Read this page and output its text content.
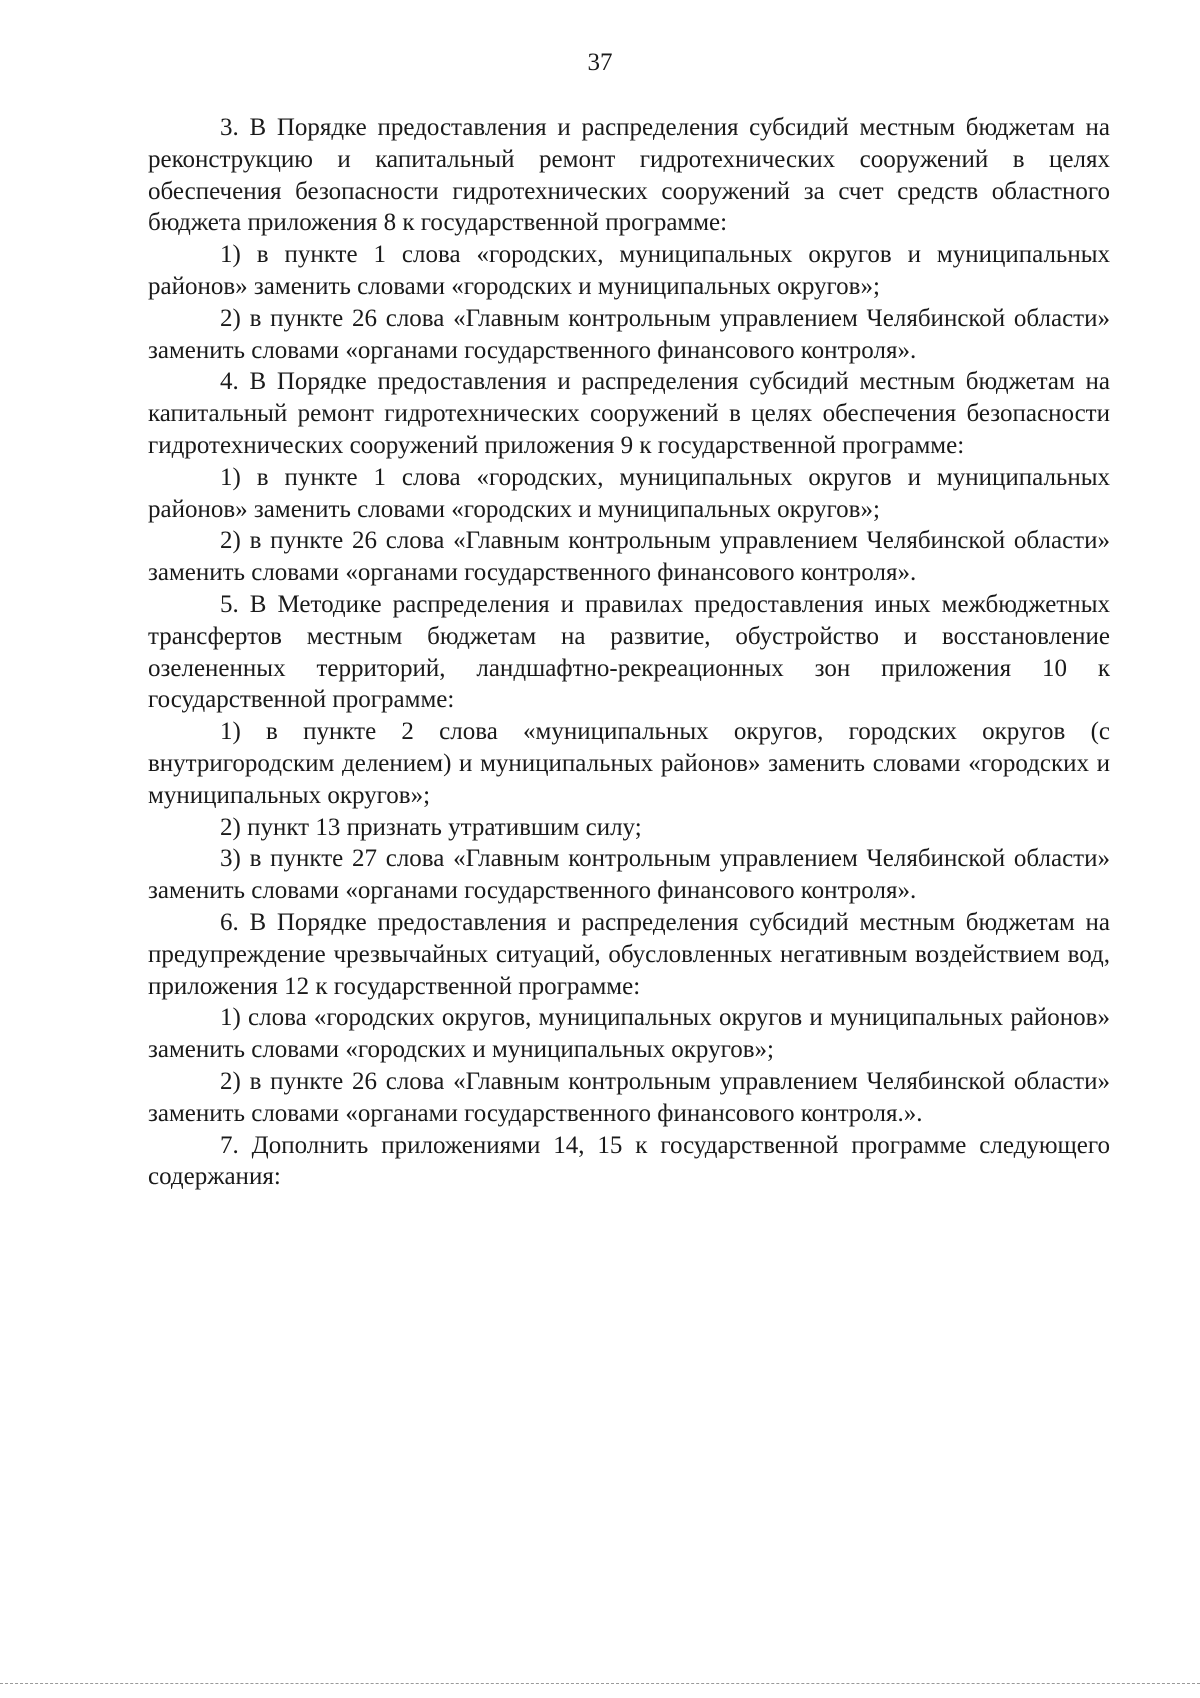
37

3. В Порядке предоставления и распределения субсидий местным бюджетам на реконструкцию и капитальный ремонт гидротехнических сооружений в целях обеспечения безопасности гидротехнических сооружений за счет средств областного бюджета приложения 8 к государственной программе:

1) в пункте 1 слова «городских, муниципальных округов и муниципальных районов» заменить словами «городских и муниципальных округов»;

2) в пункте 26 слова «Главным контрольным управлением Челябинской области» заменить словами «органами государственного финансового контроля».

4. В Порядке предоставления и распределения субсидий местным бюджетам на капитальный ремонт гидротехнических сооружений в целях обеспечения безопасности гидротехнических сооружений приложения 9 к государственной программе:

1) в пункте 1 слова «городских, муниципальных округов и муниципальных районов» заменить словами «городских и муниципальных округов»;

2) в пункте 26 слова «Главным контрольным управлением Челябинской области» заменить словами «органами государственного финансового контроля».

5. В Методике распределения и правилах предоставления иных межбюджетных трансфертов местным бюджетам на развитие, обустройство и восстановление озелененных территорий, ландшафтно-рекреационных зон приложения 10 к государственной программе:

1) в пункте 2 слова «муниципальных округов, городских округов (с внутригородским делением) и муниципальных районов» заменить словами «городских и муниципальных округов»;

2) пункт 13 признать утратившим силу;

3) в пункте 27 слова «Главным контрольным управлением Челябинской области» заменить словами «органами государственного финансового контроля».

6. В Порядке предоставления и распределения субсидий местным бюджетам на предупреждение чрезвычайных ситуаций, обусловленных негативным воздействием вод, приложения 12 к государственной программе:

1) слова «городских округов, муниципальных округов и муниципальных районов» заменить словами «городских и муниципальных округов»;

2) в пункте 26 слова «Главным контрольным управлением Челябинской области» заменить словами «органами государственного финансового контроля.».

7. Дополнить приложениями 14, 15 к государственной программе следующего содержания:
